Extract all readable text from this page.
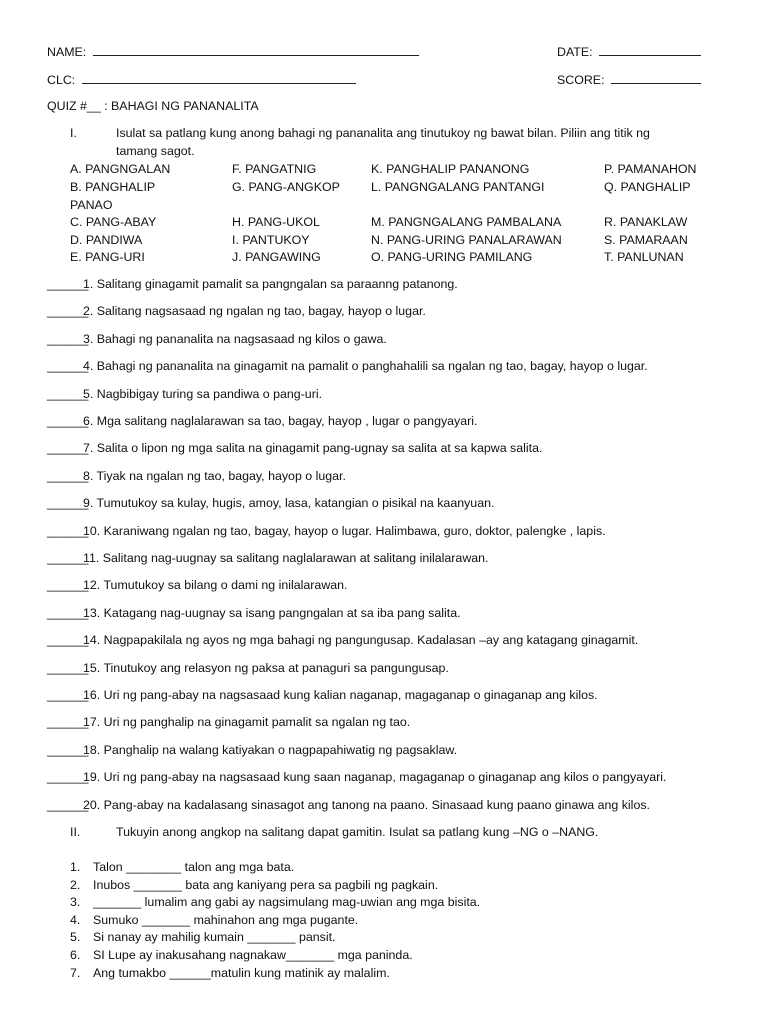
NAME:	DATE:
CLC:	SCORE:
QUIZ #__ : BAHAGI NG PANANALITA
I.	Isulat sa patlang kung anong bahagi ng pananalita ang tinutukoy ng bawat bilan. Piliin ang titik ng
tamang sagot.
A. PANGNGALAN	F. PANGATNIG	K. PANGHALIP PANANONG	P. PAMANAHON
B. PANGHALIP	G. PANG-ANGKOP	L. PANGNGALANG PANTANGI	Q. PANGHALIP
PANAO
C. PANG-ABAY	H. PANG-UKOL	M. PANGNGALANG PAMBALANA	R. PANAKLAW
D. PANDIWA	I. PANTUKOY	N. PANG-URING PANALARAWAN	S. PAMARAAN
E. PANG-URI	J. PANGAWING	O. PANG-URING PAMILANG	T. PANLUNAN
______1. Salitang ginagamit pamalit sa pangngalan sa paraanng patanong.
______2. Salitang nagsasaad ng ngalan ng tao, bagay, hayop o lugar.
______3. Bahagi ng pananalita na nagsasaad ng kilos o gawa.
______4. Bahagi ng pananalita na ginagamit na pamalit o panghahalili sa ngalan ng tao, bagay, hayop o lugar.
______5. Nagbibigay turing sa pandiwa o pang-uri.
______6. Mga salitang naglalarawan sa tao, bagay, hayop , lugar o pangyayari.
______7. Salita o lipon ng mga salita na ginagamit pang-ugnay sa salita at sa kapwa salita.
______8. Tiyak na ngalan ng tao, bagay, hayop o lugar.
______9. Tumutukoy sa kulay, hugis, amoy, lasa, katangian o pisikal na kaanyuan.
______10. Karaniwang ngalan ng tao, bagay, hayop o lugar. Halimbawa, guro, doktor, palengke , lapis.
______11. Salitang nag-uugnay sa salitang naglalarawan at salitang inilalarawan.
______12. Tumutukoy sa bilang o dami ng inilalarawan.
______13. Katagang nag-uugnay sa isang pangngalan at sa iba pang salita.
______14. Nagpapakilala ng ayos ng mga bahagi ng pangungusap. Kadalasan –ay ang katagang ginagamit.
______15. Tinutukoy ang relasyon ng paksa at panaguri sa pangungusap.
______16. Uri ng pang-abay na nagsasaad kung kalian naganap, magaganap o ginaganap ang kilos.
______17. Uri ng panghalip na ginagamit pamalit sa ngalan ng tao.
______18. Panghalip na walang katiyakan o nagpapahiwatig ng pagsaklaw.
______19. Uri ng pang-abay na nagsasaad kung saan naganap, magaganap o ginaganap ang kilos o pangyayari.
______20. Pang-abay na kadalasang sinasagot ang tanong na paano. Sinasaad kung paano ginawa ang kilos.
II.	Tukuyin anong angkop na salitang dapat gamitin. Isulat sa patlang kung –NG o –NANG.
1. Talon ________ talon ang mga bata.
2. Inubos _______ bata ang kaniyang pera sa pagbili ng pagkain.
3. _______ lumalim ang gabi ay nagsimulang mag-uwian ang mga bisita.
4. Sumuko _______ mahinahon ang mga pugante.
5. Si nanay ay mahilig kumain _______ pansit.
6. SI Lupe ay inakusahang nagnakaw_______ mga paninda.
7. Ang tumakbo ______matulin kung matinik ay malalim.
